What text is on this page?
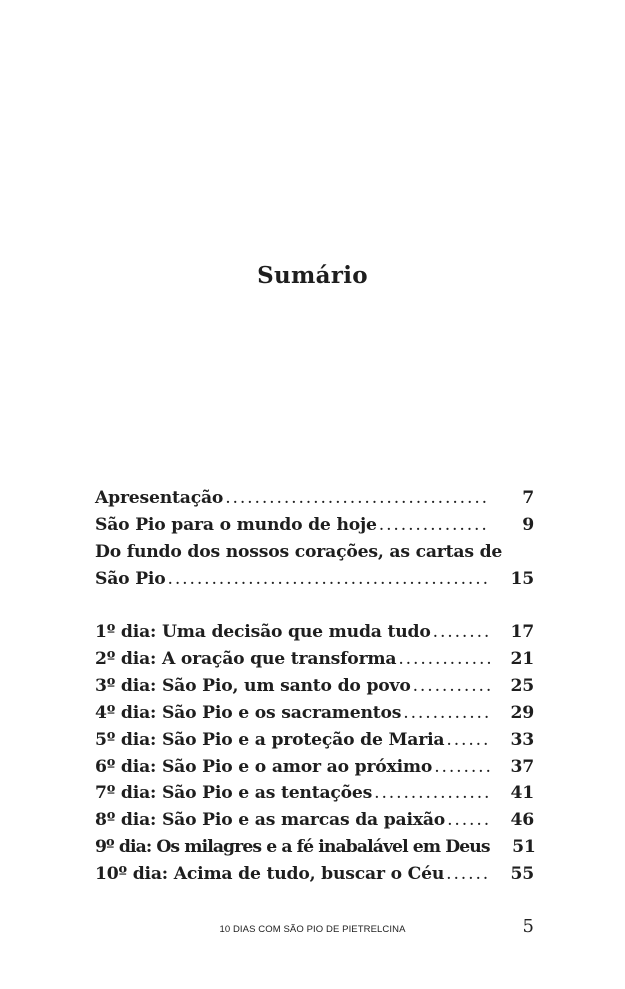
Sumário
Apresentação . . .	7
São Pio para o mundo de hoje . . .	9
Do fundo dos nossos corações, as cartas de
São Pio . . .	15
1º dia: Uma decisão que muda tudo . . .	17
2º dia: A oração que transforma . . .	21
3º dia: São Pio, um santo do povo . . .	25
4º dia: São Pio e os sacramentos . . .	29
5º dia: São Pio e a proteção de Maria . . .	33
6º dia: São Pio e o amor ao próximo . . .	37
7º dia: São Pio e as tentações . . .	41
8º dia: São Pio e as marcas da paixão . . .	46
9º dia: Os milagres e a fé inabalável em Deus	51
10º dia: Acima de tudo, buscar o Céu . . .	55
10 DIAS COM SÃO PIO DE PIETRELCINA	5
